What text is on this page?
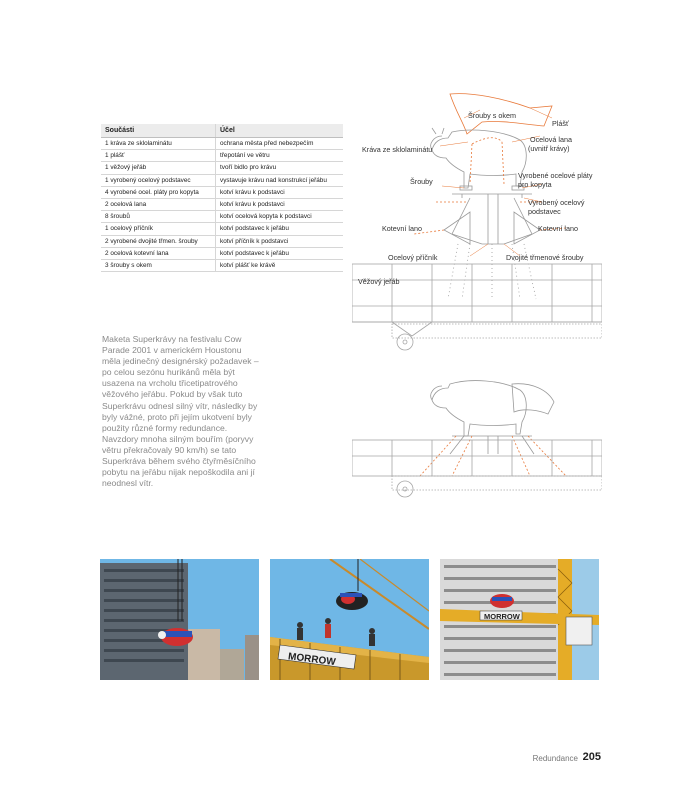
Součásti	Účel
1 kráva ze sklolaminátu	ochrana města před nebezpečím
1 plášť	třepotání ve větru
1 věžový jeřáb	tvoří bidlo pro krávu
1 vyrobený ocelový podstavec	vystavuje krávu nad konstrukcí jeřábu
4 vyrobené ocel. pláty pro kopyta	kotví krávu k podstavci
2 ocelová lana	kotví krávu k podstavci
8 šroubů	kotví ocelová kopyta k podstavci
1 ocelový příčník	kotví podstavec k jeřábu
2 vyrobené dvojité třmen. šrouby	kotví příčník k podstavci
2 ocelová kotevní lana	kotví podstavec k jeřábu
3 šrouby s okem	kotví plášť ke krávě

Maketa Superkrávy na festivalu Cow Parade 2001 v americkém Houstonu měla jedinečný designérský požadavek – po celou sezónu hurikánů měla být usazena na vrcholu třicetipatrového věžového jeřábu. Pokud by však tuto Superkrávu odnesl silný vítr, následky by byly vážné, proto při jejím ukotvení byly použity různé formy redundance. Navzdory mnoha silným bouřím (poryvy větru překračovaly 90 km/h) se tato Superkráva během svého čtyřměsíčního pobytu na jeřábu nijak nepoškodila ani jí neodnesl vítr.

Plášť
Šrouby s okem
Kráva ze sklolaminátu
Ocelová lana
(uvnitř krávy)
Šrouby
Vyrobené ocelové pláty
pro kopyta
Vyrobený ocelový
podstavec
Kotevní lano	Kotevní lano
Ocelový příčník	Dvojité třmenové šrouby
Věžový jeřáb
MORROW
MORROW
Redundance 205
